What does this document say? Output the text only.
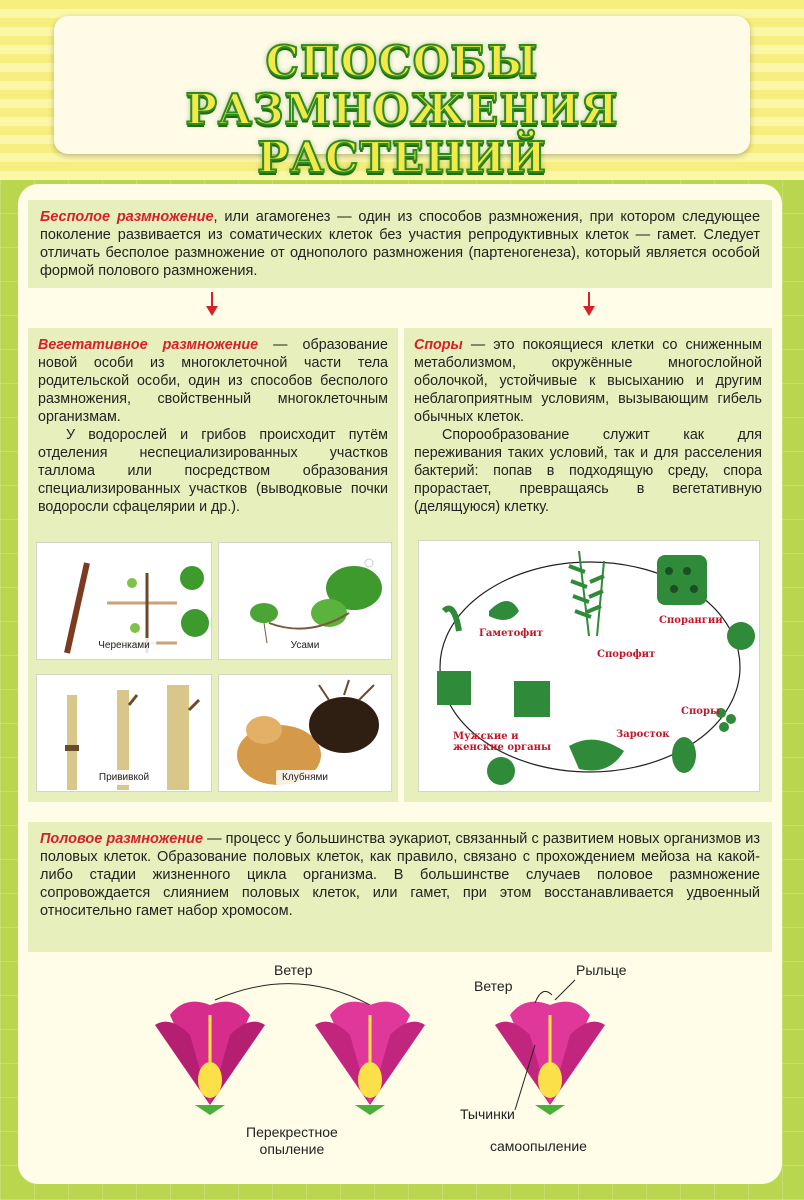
СПОСОБЫ РАЗМНОЖЕНИЯ
РАСТЕНИЙ
Бесполое размножение, или агамогенез — один из способов размножения, при котором следующее поколение развивается из соматических клеток без участия репродуктивных клеток — гамет. Следует отличать бесполое размножение от однополого размножения (партеногенеза), который является особой формой полового размножения.
Вегетативное размножение — образование новой особи из многоклеточной части тела родительской особи, один из способов бесполого размножения, свойственный многоклеточным организмам.
У водорослей и грибов происходит путём отделения неспециализированных участков таллома или посредством образования специализированных участков (выводковые почки водоросли сфацелярии и др.).
Споры — это покоящиеся клетки со сниженным метаболизмом, окружённые многослойной оболочкой, устойчивые к высыханию и другим неблагоприятным условиям, вызывающим гибель обычных клеток.
Спорообразование служит как для переживания таких условий, так и для расселения бактерий: попав в подходящую среду, спора прорастает, превращаясь в вегетативную (делящуюся) клетку.
Черенками	Усами
Прививкой	Клубнями
Гаметофит
Спорофит
Спорангии
Споры
Заросток
Мужские и
женские органы
Половое размножение — процесс у большинства эукариот, связанный с развитием новых организмов из половых клеток. Образование половых клеток, как правило, связано с прохождением мейоза на какой-либо стадии жизненного цикла организма. В большинстве случаев половое размножение сопровождается слиянием половых клеток, или гамет, при этом восстанавливается удвоенный относительно гамет набор хромосом.
Ветер
Ветер
Рыльце
Тычинки
Перекрестное
опыление	самоопыление
